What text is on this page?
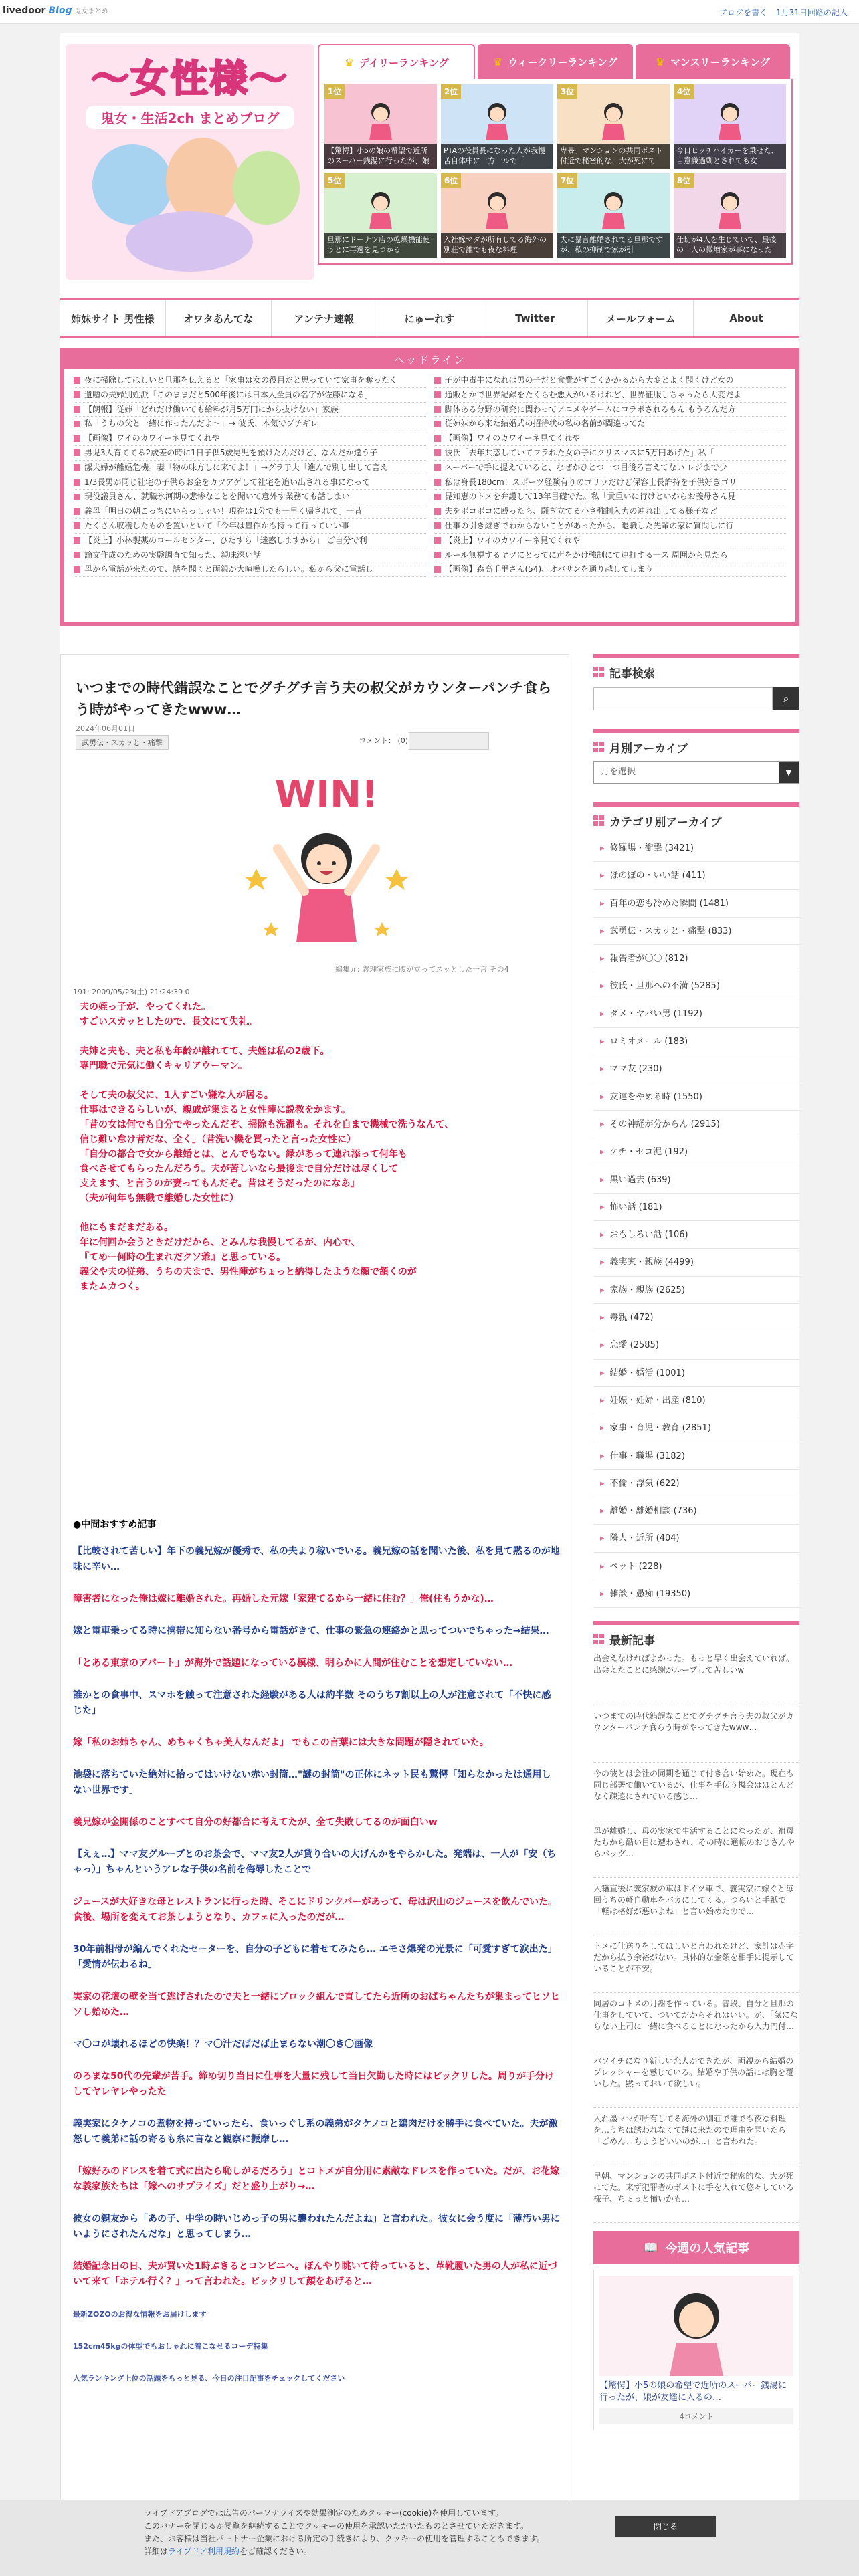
livedoor Blog 鬼女まとめ	ブログを書く 1月31日回路の記入
〜女性様〜
鬼女・生活2ch まとめブログ
♛ デイリーランキング	♛ ウィークリーランキング	♛ マンスリーランキング
1位
【驚愕】小5の娘の希望で近所のスーパー銭湯に行ったが、娘
2位
PTAの役員長になった人が我慢苦自体中に一方一ルで「
3位
卑暴。マンションの共同ボスト付近で秘密的な、大が死にて
4位
今日ヒッチハイカーを乗せた、自意識過剰とされても女
5位
旦那にドーナツ店の乾燥機能使うとに再週を見つかる
6位
入社嫁マダが所有してる海外の別荘で誰でも夜な料理
7位
夫に暴言離婚されてる旦那ですが、私の抑制で家が引
8位
仕切が4人を生じていて、最後の一人の微増家が事になった
姉妹サイト 男性様	オワタあんてな	アンテナ速報	にゅーれす	Twitter	メールフォーム	About
ヘッドライン
夜に掃除してほしいと旦那を伝えると「家事は女の役目だと思っていて家事を奪ったく
遺贈の夫婦別姓派「このままだと500年後には日本人全員の名字が佐藤になる」
【朗報】従姉「どれだけ働いても給料が月5万円にから抜けない」家族
私「うちの父と一緒に作ったんだよ〜」→ 彼氏、本気でブチギレ
【画像】ワイのカワイーネ見てくれや
男児3人育ててる2歳差の時に1日子供5歳男児を預けたんだけど、なんだか違う子
潔夫婦が離婚危機。妻「物の味方しに来てよ！」→グラ子夫「進んで別し出して言え
1/3長男が同じ社宅の子供らお金をカツアゲして社宅を追い出される事になって
現役議員さん、就職氷河期の悲惨なことを聞いて意外す業務ても話しまい
義母「明日の朝こっちにいらっしゃい！現在は1分でも一早く帰されて」一昔
たくさん収穫したものを置いといて「今年は豊作かも持って行っていい事
【炎上】小林製薬のコールセンター、ひたすら「迷惑しますから」 ご自分で利
論文作成のための実験調査で知った、親味深い話
母から電話が来たので、話を聞くと両親が大喧嘩したらしい。私から父に電話し
子が中毒牛になれば男の子だと食費がすごくかかるから大変とよく聞くけど女の
通販とかで世界記録をたくらむ悪人がいるけれど、世界征服しちゃったら大変だよ
脚体ある分野の研究に関わってアニメやゲームにコラボされるもん もうろんだ方
従姉妹から来た結婚式の招待状の私の名前が間違ってた
【画像】ワイのカワイーネ見てくれや
彼氏「去年共惑していてフラれた女の子にクリスマスに5万円あげた」私「
スーパーで手に提えていると、なぜかひとつ一つ目後ろ言えてない レジまで少
私は身長180cm！スポーツ経験有りのゴリラだけど保容士長許持を子供好きゴリ
昆知恵のトメを弁護して13年目礎でた。私「貴重いに行けといからお義母さん見
夫をボコボコに殴ったら、騒ぎ立てる小さ強制入力の連れ出してる様子など
仕事の引き継ぎでわからないことがあったから、退職した先輩の家に質問しに行
【炎上】ワイのカワイーネ見てくれや
ルール無視するヤツにとってに声をかけ強制にて連打する一ス 周囲から見たら
【画像】森高千里さん(54)、オバサンを通り越してしまう
いつまでの時代錯誤なことでグチグチ言う夫の叔父がカウンターパンチ食らう時がやってきたwww…
2024年06月01日
武勇伝・スカッと・痛撃	コメント： (0)
WIN!
編集元: 義理家族に腹が立ってスッとした一言 その4
191: 2009/05/23(土) 21:24:39 0
夫の姪っ子が、やってくれた。
すごいスカッとしたので、長文にて失礼。

夫姉と夫も、夫と私も年齢が離れてて、夫姪は私の2歳下。
専門職で元気に働くキャリアウーマン。

そして夫の叔父に、1人すごい嫌な人が居る。
仕事はできるらしいが、親戚が集まると女性陣に説教をかます。
「昔の女は何でも自分でやったんだぞ、掃除も洗濯も。それを自まで機械で洗うなんて、
信じ難い怠け者だな、全く」（昔洗い機を買ったと言った女性に）
「自分の都合で女から離婚とは、とんでもない。緑があって連れ添って何年も
食べさせてもらったんだろう。夫が苦しいなら最後まで自分だけは尽くして
支えます、と言うのが妻ってもんだぞ。昔はそうだったのになあ」
（夫が何年も無職で離婚した女性に）

他にもまだまだある。
年に何回か会うときだけだから、とみんな我慢してるが、内心で、
『てめー何時の生まれだクソ爺』と思っている。
義父や夫の従弟、うちの夫まで、男性陣がちょっと納得したような顔で頷くのが
またムカつく。
●中間おすすめ記事

【比較されて苦しい】年下の義兄嫁が優秀で、私の夫より稼いでいる。義兄嫁の話を聞いた後、私を見て黙るのが地味に辛い…

障害者になった俺は嫁に離婚された。再婚した元嫁「家建てるから一緒に住む？」俺(住もうかな)…

嫁と電車乗ってる時に携帯に知らない番号から電話がきて、仕事の緊急の連絡かと思ってついでちゃった→結果…

「とある東京のアパート」が海外で話題になっている模様、明らかに人間が住むことを想定していない…

誰かとの食事中、スマホを触って注意された経験がある人は約半数 そのうち7割以上の人が注意されて「不快に感じた」

嫁「私のお姉ちゃん、めちゃくちゃ美人なんだよ」 でもこの言葉には大きな問題が隠されていた。

池袋に落ちていた絶対に拾ってはいけない赤い封筒…"謎の封筒"の正体にネット民も驚愕「知らなかったは通用しない世界です」

義兄嫁が金開係のことすべて自分の好都合に考えてたが、全て失敗してるのが面白いw

【えぇ…】ママ友グループとのお茶会で、ママ友2人が貸り合いの大げんかをやらかした。発端は、一人が「安（ちゃっ）」ちゃんというアレな子供の名前を侮辱したことで

ジュースが大好きな母とレストランに行った時、そこにドリンクバーがあって、母は沢山のジュースを飲んでいた。食後、場所を変えてお茶しようとなり、カフェに入ったのだが…

30年前相母が編んでくれたセーターを、自分の子どもに着せてみたら… エモさ爆発の光景に「可愛すぎて涙出た」「愛情が伝わるね」

実家の花壇の壁を当て逃げされたので夫と一緒にブロック組んで直してたら近所のおばちゃんたちが集まってヒソヒソし始めた…

マ〇コが壊れるほどの快楽！？マ〇汁だばだば止まらない潮〇き〇画像

のろまな50代の先輩が苦手。締め切り当日に仕事を大量に残して当日欠勤した時にはビックリした。周りが手分けしてヤレヤレやったた

義実家にタケノコの煮物を持っていったら、食いっぐし系の義弟がタケノコと鶏肉だけを勝手に食べていた。夫が激怒して義弟に話の寄るも糸に言なと観察に振摩し…

「嫁好みのドレスを着て式に出たら恥しがるだろう」とコトメが自分用に素敵なドレスを作っていた。だが、お花嫁な義家族たちは「嫁へのサプライズ」だと盛り上がり→…

彼女の親友から「あの子、中学の時いじめっ子の男に襲われたんだよね」と言われた。彼女に会う度に「薄汚い男にいようにされたんだな」と思ってしまう…

結婚記念日の日、夫が買いた1時ぶきるとコンビニへ。ぼんやり眺いて待っていると、革靴履いた男の人が私に近づいて来て「ホテル行く？」って言われた。ビックリして顔をあげると…

最新ZOZOのお得な情報をお届けします

152cm45kgの体型でもおしゃれに着こなせるコーデ特集

人気ランキング上位の話題をもっと見る、今日の注目記事をチェックしてください

記事検索
⌕
月別アーカイブ
月を選択	▼
カテゴリ別アーカイブ
▸ 修羅場・衝撃 (3421)
▸ ほのぼの・いい話 (411)
▸ 百年の恋も冷めた瞬間 (1481)
▸ 武勇伝・スカッと・痛撃 (833)
▸ 報告者が〇〇 (812)
▸ 彼氏・旦那への不満 (5285)
▸ ダメ・ヤバい男 (1192)
▸ ロミオメール (183)
▸ ママ友 (230)
▸ 友達をやめる時 (1550)
▸ その神経が分からん (2915)
▸ ケチ・セコ泥 (192)
▸ 黒い過去 (639)
▸ 怖い話 (181)
▸ おもしろい話 (106)
▸ 義実家・親族 (4499)
▸ 家族・親族 (2625)
▸ 毒親 (472)
▸ 恋愛 (2585)
▸ 結婚・婚活 (1001)
▸ 妊娠・妊婦・出産 (810)
▸ 家事・育児・教育 (2851)
▸ 仕事・職場 (3182)
▸ 不倫・浮気 (622)
▸ 離婚・離婚相談 (736)
▸ 隣人・近所 (404)
▸ ペット (228)
▸ 雑談・愚痴 (19350)
最新記事

出会えなければよかった。もっと早く出会えていれば。出会えたことに感謝がループして苦しいw

いつまでの時代錯誤なことでグチグチ言う夫の叔父がカウンターパンチ食らう時がやってきたwww…

今の彼とは会社の同期を通じて付き合い始めた。現在も同じ部署で働いているが、仕事を手伝う機会はほとんどなく疎遠にされている感じ…

母が離婚し、母の実家で生活することになったが、祖母たちから酷い目に遭わされ、その時に通帳のおじさんやらバッグ…

入籍直後に義家族の車はドイツ車で、義実家に嫁ぐと毎回うちの軽自動車をバカにしてくる。つらいと手紙で「軽は格好が悪いよね」と言い始めたので…

トメに仕送りをしてほしいと言われたけど、家計は赤字だから払う余裕がない。具体的な金額を相手に提示していることが不安。

同居のコトメの月謝を作っている。普段、自分と旦那の仕事をしていて、ついでだからそれはいい。が、「気にならない上司に一緒に食べることになったから入力円付…

パソイチになり新しい恋人ができたが、両親から結婚のプレッシャーを感じている。結婚や子供の話には胸を覆いした。黙っておいて欲しい。

入れ墨ママが所有してる海外の別荘で誰でも夜な料理を…うちは誘われなくて謎に来たので理由を聞いたら「ごめん、ちょうどいいのが…」と言われた。

早朝、マンションの共同ポスト付近で秘密的な、大が死にてた。来ず犯罪者のポストに手を入れて悠々している様子、ちょっと怖いかも…

📖 今週の人気記事
【驚愕】小5の娘の希望で近所のスーパー銭湯に行ったが、娘が友達に入るの…
4コメント
ライブドアブログでは広告のパーソナライズや効果測定のためクッキー(cookie)を使用しています。
このバナーを閉じるか閲覧を継続することでクッキーの使用を承認いただいたものとさせていただきます。
また、お客様は当社パートナー企業における所定の手続きにより、クッキーの使用を管理することもできます。
詳細はライブドア利用規約をご確認ください。
閉じる
